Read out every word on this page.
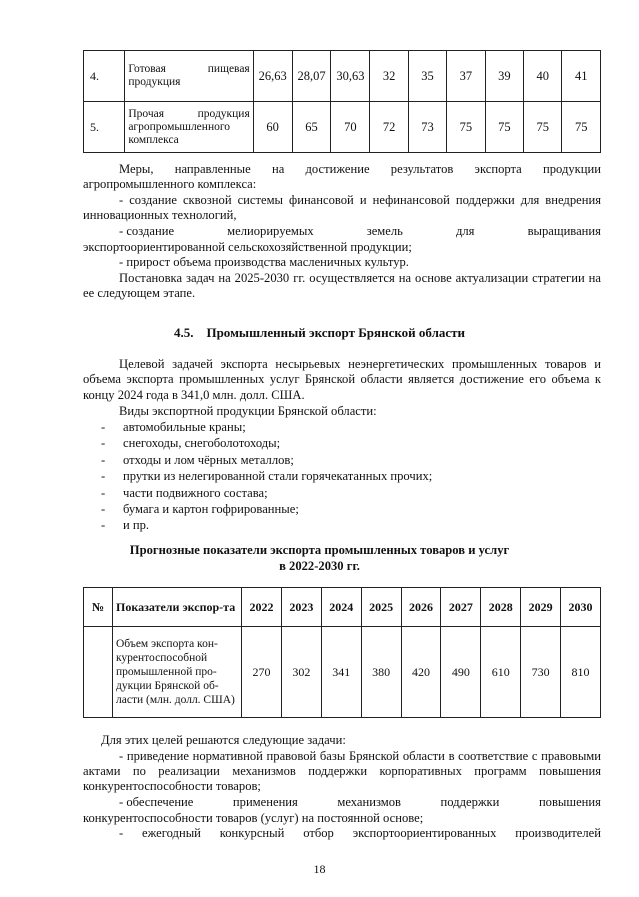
4.	Готовая пищевая продукция	26,63	28,07	30,63	32	35	37	39	40	41
5.	Прочая продукция агропромышленного комплекса	60	65	70	72	73	75	75	75	75
Меры, направленные на достижение результатов экспорта продукции агропромышленного комплекса:
- создание сквозной системы финансовой и нефинансовой поддержки для внедрения инновационных технологий,
- создание	мелиорируемых	земель	для	выращивания
экспортоориентированной сельскохозяйственной продукции;
- прирост объема производства масленичных культур.
Постановка задач на 2025-2030 гг. осуществляется на основе актуализации стратегии на ее следующем этапе.
4.5. Промышленный экспорт Брянской области
Целевой задачей экспорта несырьевых неэнергетических промышленных товаров и объема экспорта промышленных услуг Брянской области является достижение его объема к концу 2024 года в 341,0 млн. долл. США.
Виды экспортной продукции Брянской области:
- автомобильные краны;
- снегоходы, снегоболотоходы;
- отходы и лом чёрных металлов;
- прутки из нелегированной стали горячекатанных прочих;
- части подвижного состава;
- бумага и картон гофрированные;
- и пр.
Прогнозные показатели экспорта промышленных товаров и услуг
в 2022-2030 гг.
№	Показатели экспор-та	2022	2023	2024	2025	2026	2027	2028	2029	2030
	Объем экспорта кон-курентоспособной промышленной про-дукции Брянской об-ласти (млн. долл. США)	270	302	341	380	420	490	610	730	810
Для этих целей решаются следующие задачи:
- приведение нормативной правовой базы Брянской области в соответствие с правовыми актами по реализации механизмов поддержки корпоративных программ повышения конкурентоспособности товаров;
- обеспечение	применения	механизмов	поддержки	повышения
конкурентоспособности товаров (услуг) на постоянной основе;
- ежегодный конкурсный отбор экспортоориентированных производителей
18
